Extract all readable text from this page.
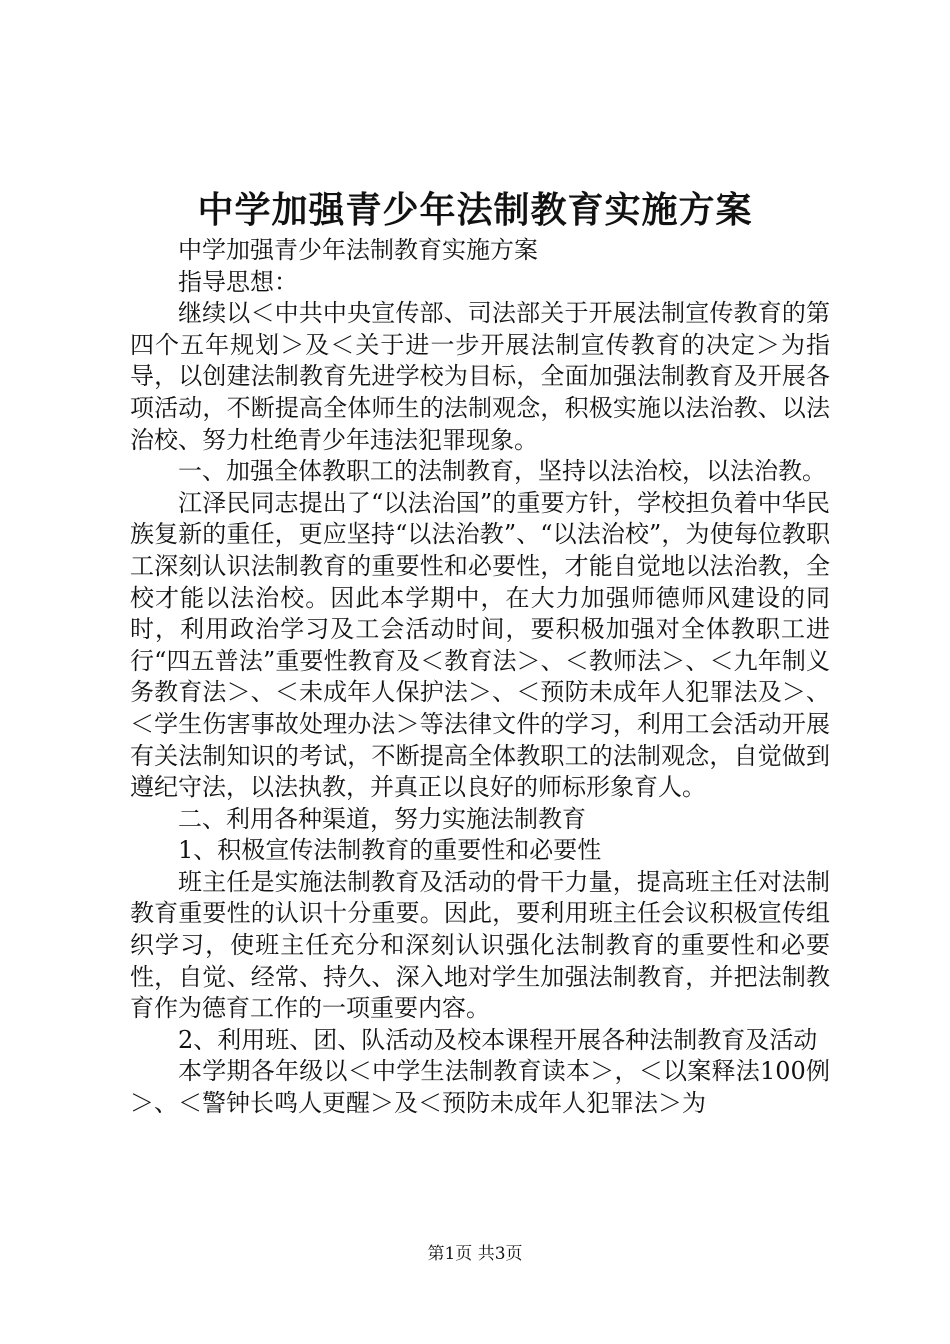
中学加强青少年法制教育实施方案

中学加强青少年法制教育实施方案

指导思想：

继续以＜中共中央宣传部、司法部关于开展法制宣传教育的第四个五年规划＞及＜关于进一步开展法制宣传教育的决定＞为指导，以创建法制教育先进学校为目标，全面加强法制教育及开展各项活动，不断提高全体师生的法制观念，积极实施以法治教、以法治校、努力杜绝青少年违法犯罪现象。

一、加强全体教职工的法制教育，坚持以法治校，以法治教。

江泽民同志提出了“以法治国”的重要方针，学校担负着中华民族复新的重任，更应坚持“以法治教”、“以法治校”，为使每位教职工深刻认识法制教育的重要性和必要性，才能自觉地以法治教，全校才能以法治校。因此本学期中，在大力加强师德师风建设的同时，利用政治学习及工会活动时间，要积极加强对全体教职工进行“四五普法”重要性教育及＜教育法＞、＜教师法＞、＜九年制义务教育法＞、＜未成年人保护法＞、＜预防未成年人犯罪法及＞、＜学生伤害事故处理办法＞等法律文件的学习，利用工会活动开展有关法制知识的考试，不断提高全体教职工的法制观念，自觉做到遵纪守法，以法执教，并真正以良好的师标形象育人。

二、利用各种渠道，努力实施法制教育

1、积极宣传法制教育的重要性和必要性

班主任是实施法制教育及活动的骨干力量，提高班主任对法制教育重要性的认识十分重要。因此，要利用班主任会议积极宣传组织学习，使班主任充分和深刻认识强化法制教育的重要性和必要性，自觉、经常、持久、深入地对学生加强法制教育，并把法制教育作为德育工作的一项重要内容。

2、利用班、团、队活动及校本课程开展各种法制教育及活动

本学期各年级以＜中学生法制教育读本＞，＜以案释法100例＞、＜警钟长鸣人更醒＞及＜预防未成年人犯罪法＞为

第1页 共3页
